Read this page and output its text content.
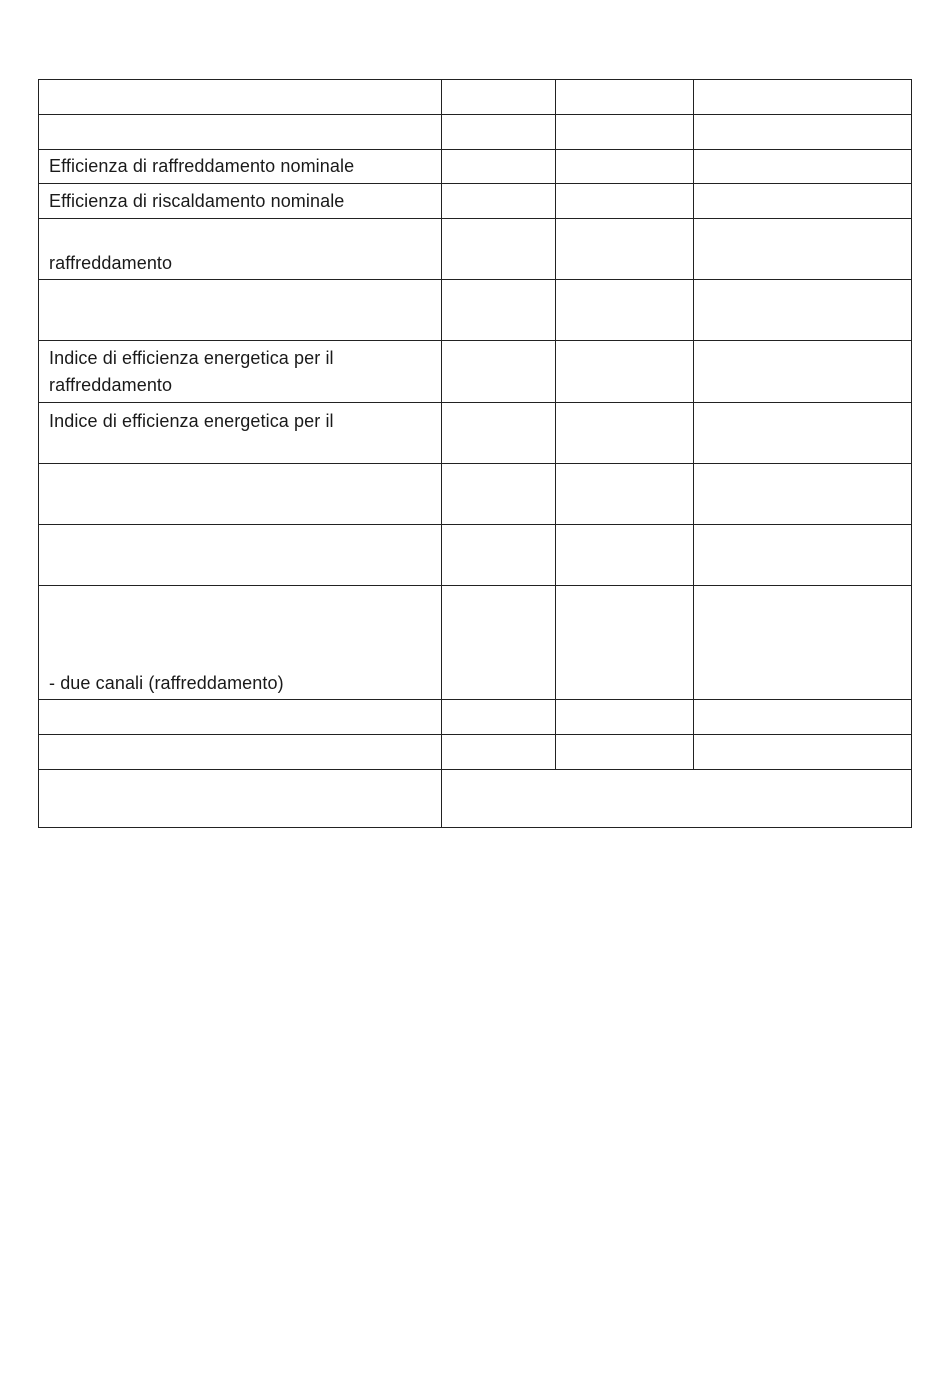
Efficienza di raffreddamento nominale			
Efficienza di riscaldamento nominale			
raffreddamento			

Indice di efficienza energetica per il raffreddamento			
Indice di efficienza energetica per il			

- due canali (raffreddamento)			
